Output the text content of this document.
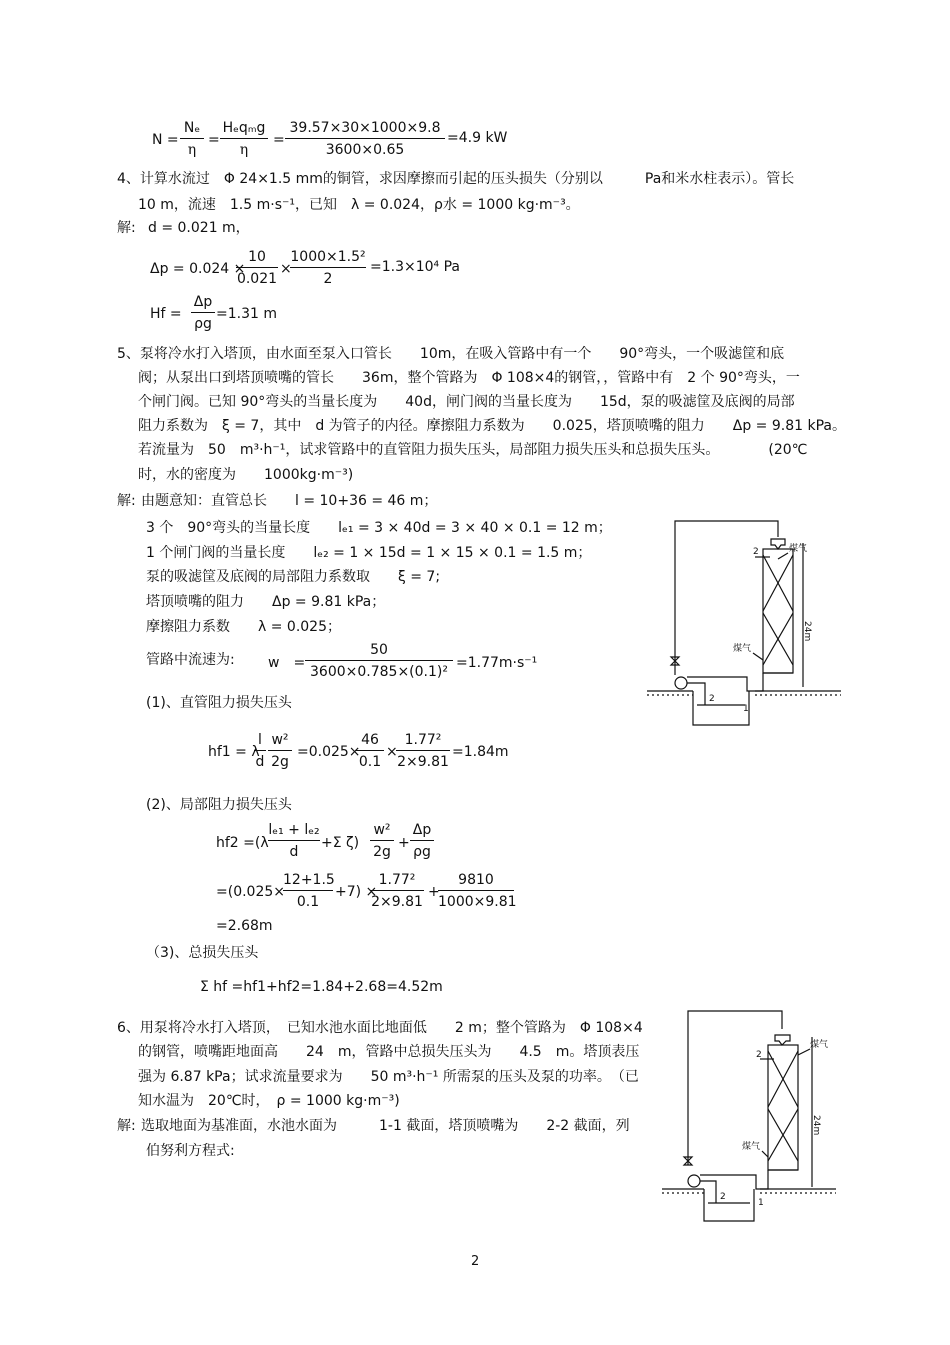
N =
Nₑ
η
=
Hₑqₘg
η
=
39.57×30×1000×9.8
3600×0.65
=4.9 kW
4、计算水流过　Φ 24×1.5 mm的铜管，求因摩擦而引起的压头损失（分别以　　　Pa和米水柱表示）。管长
10 m，流速　1.5 m·s⁻¹，已知　λ = 0.024，ρ水 = 1000 kg·m⁻³。
解: d = 0.021 m，
Δp = 0.024 ×
10
0.021
×
1000×1.5²
2
=1.3×10⁴ Pa
Hf =
Δp
ρg
=1.31 m
5、泵将冷水打入塔顶，由水面至泵入口管长　　10m，在吸入管路中有一个　　90°弯头，一个吸滤筐和底
阀；从泵出口到塔顶喷嘴的管长　　36m，整个管路为　Φ 108×4的钢管，，管路中有　2 个 90°弯头，一
个闸门阀。已知 90°弯头的当量长度为　　40d，闸门阀的当量长度为　　15d，泵的吸滤筐及底阀的局部
阻力系数为　ξ = 7，其中　d 为管子的内径。摩擦阻力系数为　　0.025，塔顶喷嘴的阻力　　Δp = 9.81 kPa。
若流量为　50　m³·h⁻¹，试求管路中的直管阻力损失压头，局部阻力损失压头和总损失压头。　　　　(20℃
时，水的密度为　　1000kg·m⁻³)
解: 由题意知：直管总长　　l = 10+36 = 46 m；
3 个　90°弯头的当量长度　　lₑ₁ = 3 × 40d = 3 × 40 × 0.1 = 12 m；
1 个闸门阀的当量长度　　lₑ₂ = 1 × 15d = 1 × 15 × 0.1 = 1.5 m；
泵的吸滤筐及底阀的局部阻力系数取　　ξ = 7;
塔顶喷嘴的阻力　　Δp = 9.81 kPa；
摩擦阻力系数　　λ = 0.025；
管路中流速为: w　=
50
3600×0.785×(0.1)²
=1.77m·s⁻¹
(1)、直管阻力损失压头
hf1 = λ
l
d
w²
2g
=0.025×
46
0.1
×
1.77²
2×9.81
=1.84m
(2)、局部阻力损失压头
hf2 =(λ
lₑ₁ + lₑ₂
d
+Σ ζ)
w²
2g
+
Δp
ρg
=(0.025×
12+1.5
0.1
+7) ×
1.77²
2×9.81
+
9810
1000×9.81
=2.68m
（3)、总损失压头
Σ hf =hf1+hf2=1.84+2.68=4.52m
6、用泵将冷水打入塔顶，　已知水池水面比地面低　　2 m；整个管路为　Φ 108×4
的钢管，喷嘴距地面高　　24　m，管路中总损失压头为　　4.5　m。塔顶表压
强为 6.87 kPa；试求流量要求为　　50 m³·h⁻¹ 所需泵的压头及泵的功率。　（已
知水温为　20℃时，　ρ = 1000 kg·m⁻³)
解: 选取地面为基准面，水池水面为　　　1-1 截面，塔顶喷嘴为　　2-2 截面，列
伯努利方程式:
煤气
2
24m
煤气
1
2
煤气
2
24m
煤气
1
2
2
